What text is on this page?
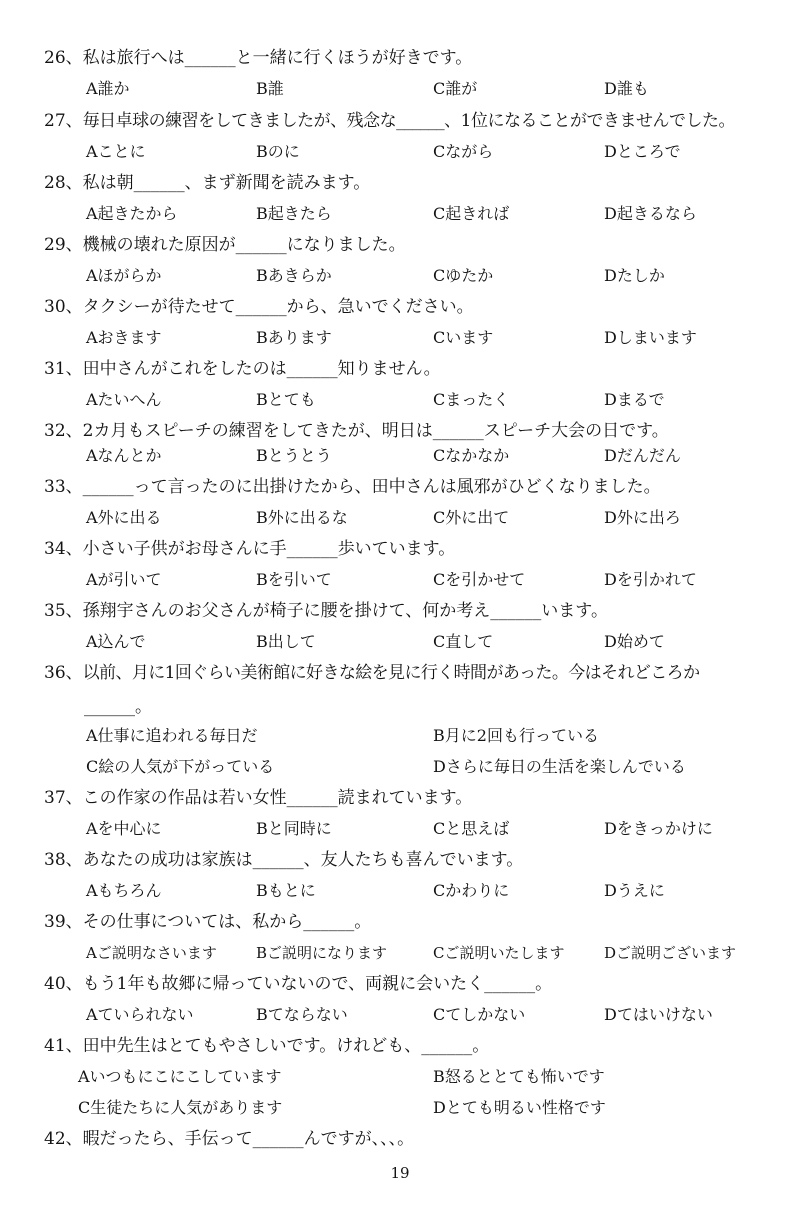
26、私は旅行へは______と一緒に行くほうが好きです。
A誰か	B誰	C誰が	D誰も
27、毎日卓球の練習をしてきましたが、残念な______、1位になることができませんでした。
Aことに	Bのに	Cながら	Dところで
28、私は朝______、まず新聞を読みます。
A起きたから	B起きたら	C起きれば	D起きるなら
29、機械の壊れた原因が______になりました。
Aほがらか	Bあきらか	Cゆたか	Dたしか
30、タクシーが待たせて______から、急いでください。
Aおきます	Bあります	Cいます	Dしまいます
31、田中さんがこれをしたのは______知りません。
Aたいへん	Bとても	Cまったく	Dまるで
32、2カ月もスピーチの練習をしてきたが、明日は______スピーチ大会の日です。
Aなんとか	Bとうとう	Cなかなか	Dだんだん
33、______って言ったのに出掛けたから、田中さんは風邪がひどくなりました。
A外に出る	B外に出るな	C外に出て	D外に出ろ
34、小さい子供がお母さんに手______歩いています。
Aが引いて	Bを引いて	Cを引かせて	Dを引かれて
35、孫翔宇さんのお父さんが椅子に腰を掛けて、何か考え______います。
A込んで	B出して	C直して	D始めて
36、以前、月に1回ぐらい美術館に好きな絵を見に行く時間があった。今はそれどころか
______。
A仕事に追われる毎日だ	B月に2回も行っている
C絵の人気が下がっている	Dさらに毎日の生活を楽しんでいる
37、この作家の作品は若い女性______読まれています。
Aを中心に	Bと同時に	Cと思えば	Dをきっかけに
38、あなたの成功は家族は______、友人たちも喜んでいます。
Aもちろん	Bもとに	Cかわりに	Dうえに
39、その仕事については、私から______。
Aご説明なさいます	Bご説明になります	Cご説明いたします	Dご説明ございます
40、もう1年も故郷に帰っていないので、両親に会いたく______。
Aていられない	Bてならない	Cてしかない	Dてはいけない
41、田中先生はとてもやさしいです。けれども、______。
Aいつもにこにこしています	B怒るととても怖いです
C生徒たちに人気があります	Dとても明るい性格です
42、暇だったら、手伝って______んですが、、、。
19
